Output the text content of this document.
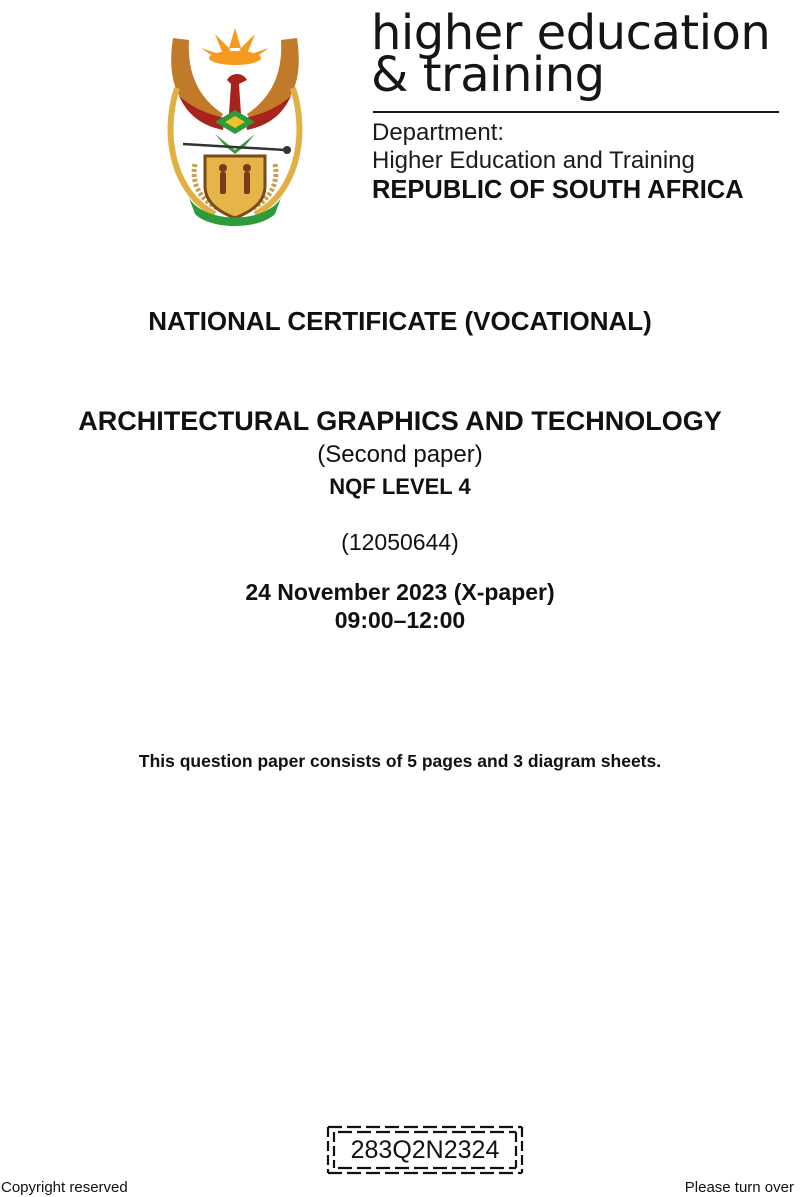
higher education
& training
Department:
Higher Education and Training
REPUBLIC OF SOUTH AFRICA
NATIONAL CERTIFICATE (VOCATIONAL)
ARCHITECTURAL GRAPHICS AND TECHNOLOGY
(Second paper)
NQF LEVEL 4
(12050644)
24 November 2023 (X-paper)
09:00–12:00
This question paper consists of 5 pages and 3 diagram sheets.
283Q2N2324
Copyright reserved	Please turn over
